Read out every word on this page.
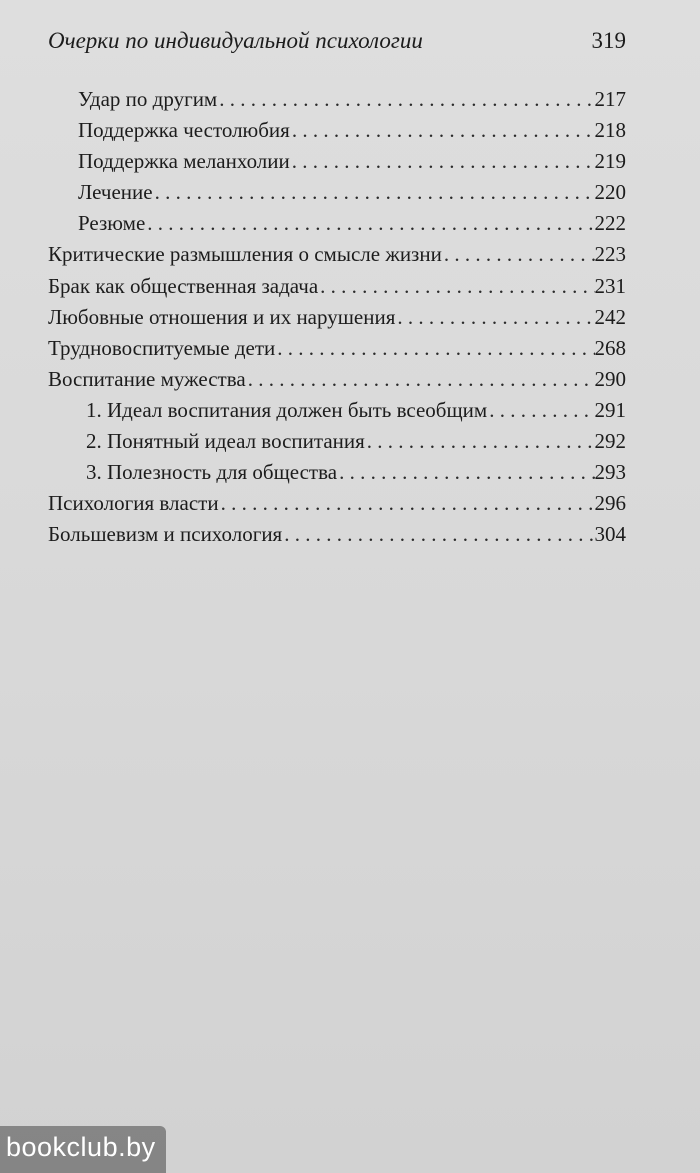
Очерки по индивидуальной психологии	319
Удар по другим . . .	217
Поддержка честолюбия . . .	218
Поддержка меланхолии . . .	219
Лечение . . .	220
Резюме . . .	222
Критические размышления о смысле жизни . . .	223
Брак как общественная задача . . .	231
Любовные отношения и их нарушения . . .	242
Трудновоспитуемые дети . . .	268
Воспитание мужества . . .	290
1. Идеал воспитания должен быть всеобщим . . .	291
2. Понятный идеал воспитания . . .	292
3. Полезность для общества . . .	293
Психология власти . . .	296
Большевизм и психология . . .	304
bookclub.by
